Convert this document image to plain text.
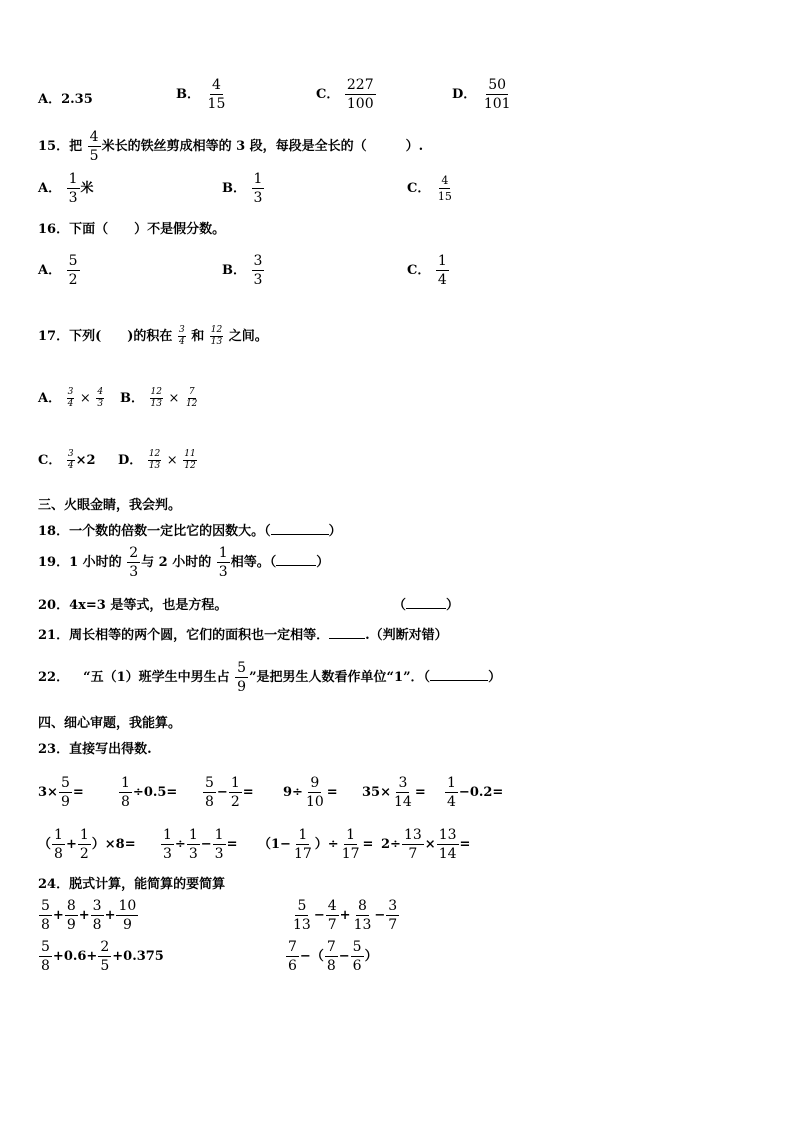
A．2.35	B． $\frac{4}{15}$	C． $\frac{227}{100}$	D． $\frac{50}{101}$
15．把 $\frac{4}{5}$ 米长的铁丝剪成相等的 3 段，每段是全长的（　　　）.
A． $\frac{1}{3}$ 米	B． $\frac{1}{3}$	C． $\frac{4}{15}$
16．下面（　　）不是假分数。
A． $\frac{5}{2}$	B． $\frac{3}{3}$	C． $\frac{1}{4}$
17．下列(　　)的积在 $\frac{3}{4}$ 和 $\frac{12}{13}$ 之间。
A． $\frac{3}{4} \times \frac{4}{3}$ B． $\frac{12}{13} \times \frac{7}{12}$
C． $\frac{3}{4} \times 2$ D． $\frac{12}{13} \times \frac{11}{12}$
三、火眼金睛，我会判。
18．一个数的倍数一定比它的因数大。（	）
19．1 小时的 $\frac{2}{3}$ 与 2 小时的 $\frac{1}{3}$ 相等。（	）
20．4x=3 是等式，也是方程。	（	）
21．周长相等的两个圆，它们的面积也一定相等．	.（判断对错）
22． “五（1）班学生中男生占 $\frac{5}{9}$ ”是把男生人数看作单位“1”．（	）
四、细心审题，我能算。
23．直接写出得数.
$3\times \frac{5}{9}$ =	$\frac{1}{8} \div 0.5= \frac{5}{8} - \frac{1}{2} = 9\div \frac{9}{10} = 35\times \frac{3}{14} = \frac{1}{4} -0.2=$
（ $\frac{1}{8} + \frac{1}{2} )\times 8= \frac{1}{3} \div \frac{1}{3} - \frac{1}{3} = (1- \frac{1}{17}$ ）÷ $\frac{1}{17} = 2\div \frac{13}{7} \times \frac{13}{14}$ =
24．脱式计算，能简算的要简算
$\frac{5}{8} + \frac{8}{9} + \frac{3}{8} + \frac{10}{9}$	$\frac{5}{13} - \frac{4}{7} + \frac{8}{13} - \frac{3}{7}$
$\frac{5}{8} +0.6+ \frac{2}{5} +0.375$	$\frac{7}{6}$ −（ $\frac{7}{8} - \frac{5}{6}$ ）
